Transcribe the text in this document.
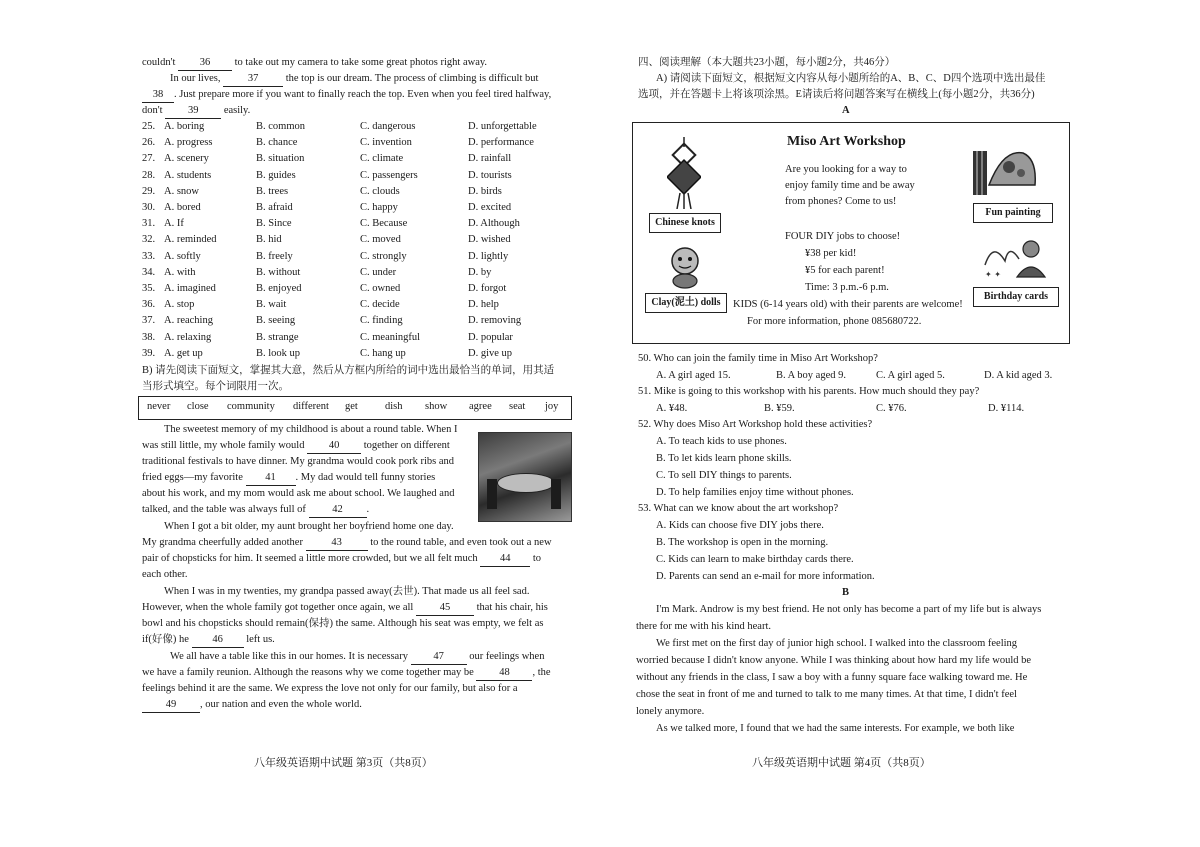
couldn't 36 to take out my camera to take some great photos right away.
In our lives,	37	the top is our dream. The process of climbing is difficult but
38 . Just prepare more if you want to finally reach the top. Even when you feel tired halfway,
don't 39 easily.
25. A. boring	B. common	C. dangerous	D. unforgettable
26. A. progress	B. chance	C. invention	D. performance
27. A. scenery	B. situation	C. climate	D. rainfall
28. A. students	B. guides	C. passengers	D. tourists
29. A. snow	B. trees	C. clouds	D. birds
30. A. bored	B. afraid	C. happy	D. excited
31. A. If	B. Since	C. Because	D. Although
32. A. reminded	B. hid	C. moved	D. wished
33. A. softly	B. freely	C. strongly	D. lightly
34. A. with	B. without	C. under	D. by
35. A. imagined	B. enjoyed	C. owned	D. forgot
36. A. stop	B. wait	C. decide	D. help
37. A. reaching	B. seeing	C. finding	D. removing
38. A. relaxing	B. strange	C. meaningful	D. popular
39. A. get up	B. look up	C. hang up	D. give up
B) 请先阅读下面短文，掌握其大意，然后从方框内所给的词中选出最恰当的单词，用其适
当形式填空。每个词限用一次。
never close community different get	dish show agree seat joy
The sweetest memory of my childhood is about a round table. When I
was still little, my whole family would 40 together on different
traditional festivals to have dinner. My grandma would cook pork ribs and
fried eggs—my favorite 41 . My dad would tell funny stories
about his work, and my mom would ask me about school. We laughed and
talked, and the table was always full of	42 .
When I got a bit older, my aunt brought her boyfriend home one day.
My grandma cheerfully added another	43	to the round table, and even took out a new
pair of chopsticks for him. It seemed a little more crowded, but we all felt much 44 to
each other.
When I was in my twenties, my grandpa passed away(去世). That made us all feel sad.
However, when the whole family got together once again, we all	45	that his chair, his
bowl and his chopsticks should remain(保持) the same. Although his seat was empty, we felt as
if(好像) he 46 left us.
We all have a table like this in our homes. It is necessary 47 our feelings when
we have a family reunion. Although the reasons why we come together may be 48 , the
feelings behind it are the same. We express the love not only for our family, but also for a
49 , our nation and even the whole world.
八年级英语期中试题 第3页（共8页）
四、阅读理解（本大题共23小题，每小题2分，共46分）
A) 请阅读下面短文，根据短文内容从每小题所给的A、B、C、D四个选项中选出最佳
选项，并在答题卡上将该项涂黑。E请读后将问题答案写在横线上(每小题2分，共36分)
A
Miso Art Workshop
Are you looking for a way to
enjoy family time and be away
from phones? Come to us!
FOUR DIY jobs to choose!
¥38 per kid!
¥5 for each parent!
Time: 3 p.m.-6 p.m.
KIDS (6-14 years old) with their parents are welcome!
For more information, phone 085680722.
Chinese knots
Clay(泥土) dolls
Fun painting
✦ ✦
Birthday cards
50. Who can join the family time in Miso Art Workshop?
A. A girl aged 15.	B. A boy aged 9.	C. A girl aged 5.	D. A kid aged 3.
51. Mike is going to this workshop with his parents. How much should they pay?
A. ¥48.	B. ¥59.	C. ¥76.	D. ¥114.
52. Why does Miso Art Workshop hold these activities?
A. To teach kids to use phones.
B. To let kids learn phone skills.
C. To sell DIY things to parents.
D. To help families enjoy time without phones.
53. What can we know about the art workshop?
A. Kids can choose five DIY jobs there.
B. The workshop is open in the morning.
C. Kids can learn to make birthday cards there.
D. Parents can send an e-mail for more information.
B
I'm Mark. Androw is my best friend. He not only has become a part of my life but is always
there for me with his kind heart.
We first met on the first day of junior high school. I walked into the classroom feeling
worried because I didn't know anyone. While I was thinking about how hard my life would be
without any friends in the class, I saw a boy with a funny square face walking toward me. He
chose the seat in front of me and turned to talk to me many times. At that time, I didn't feel
lonely anymore.
As we talked more, I found that we had the same interests. For example, we both like
八年级英语期中试题 第4页（共8页）
